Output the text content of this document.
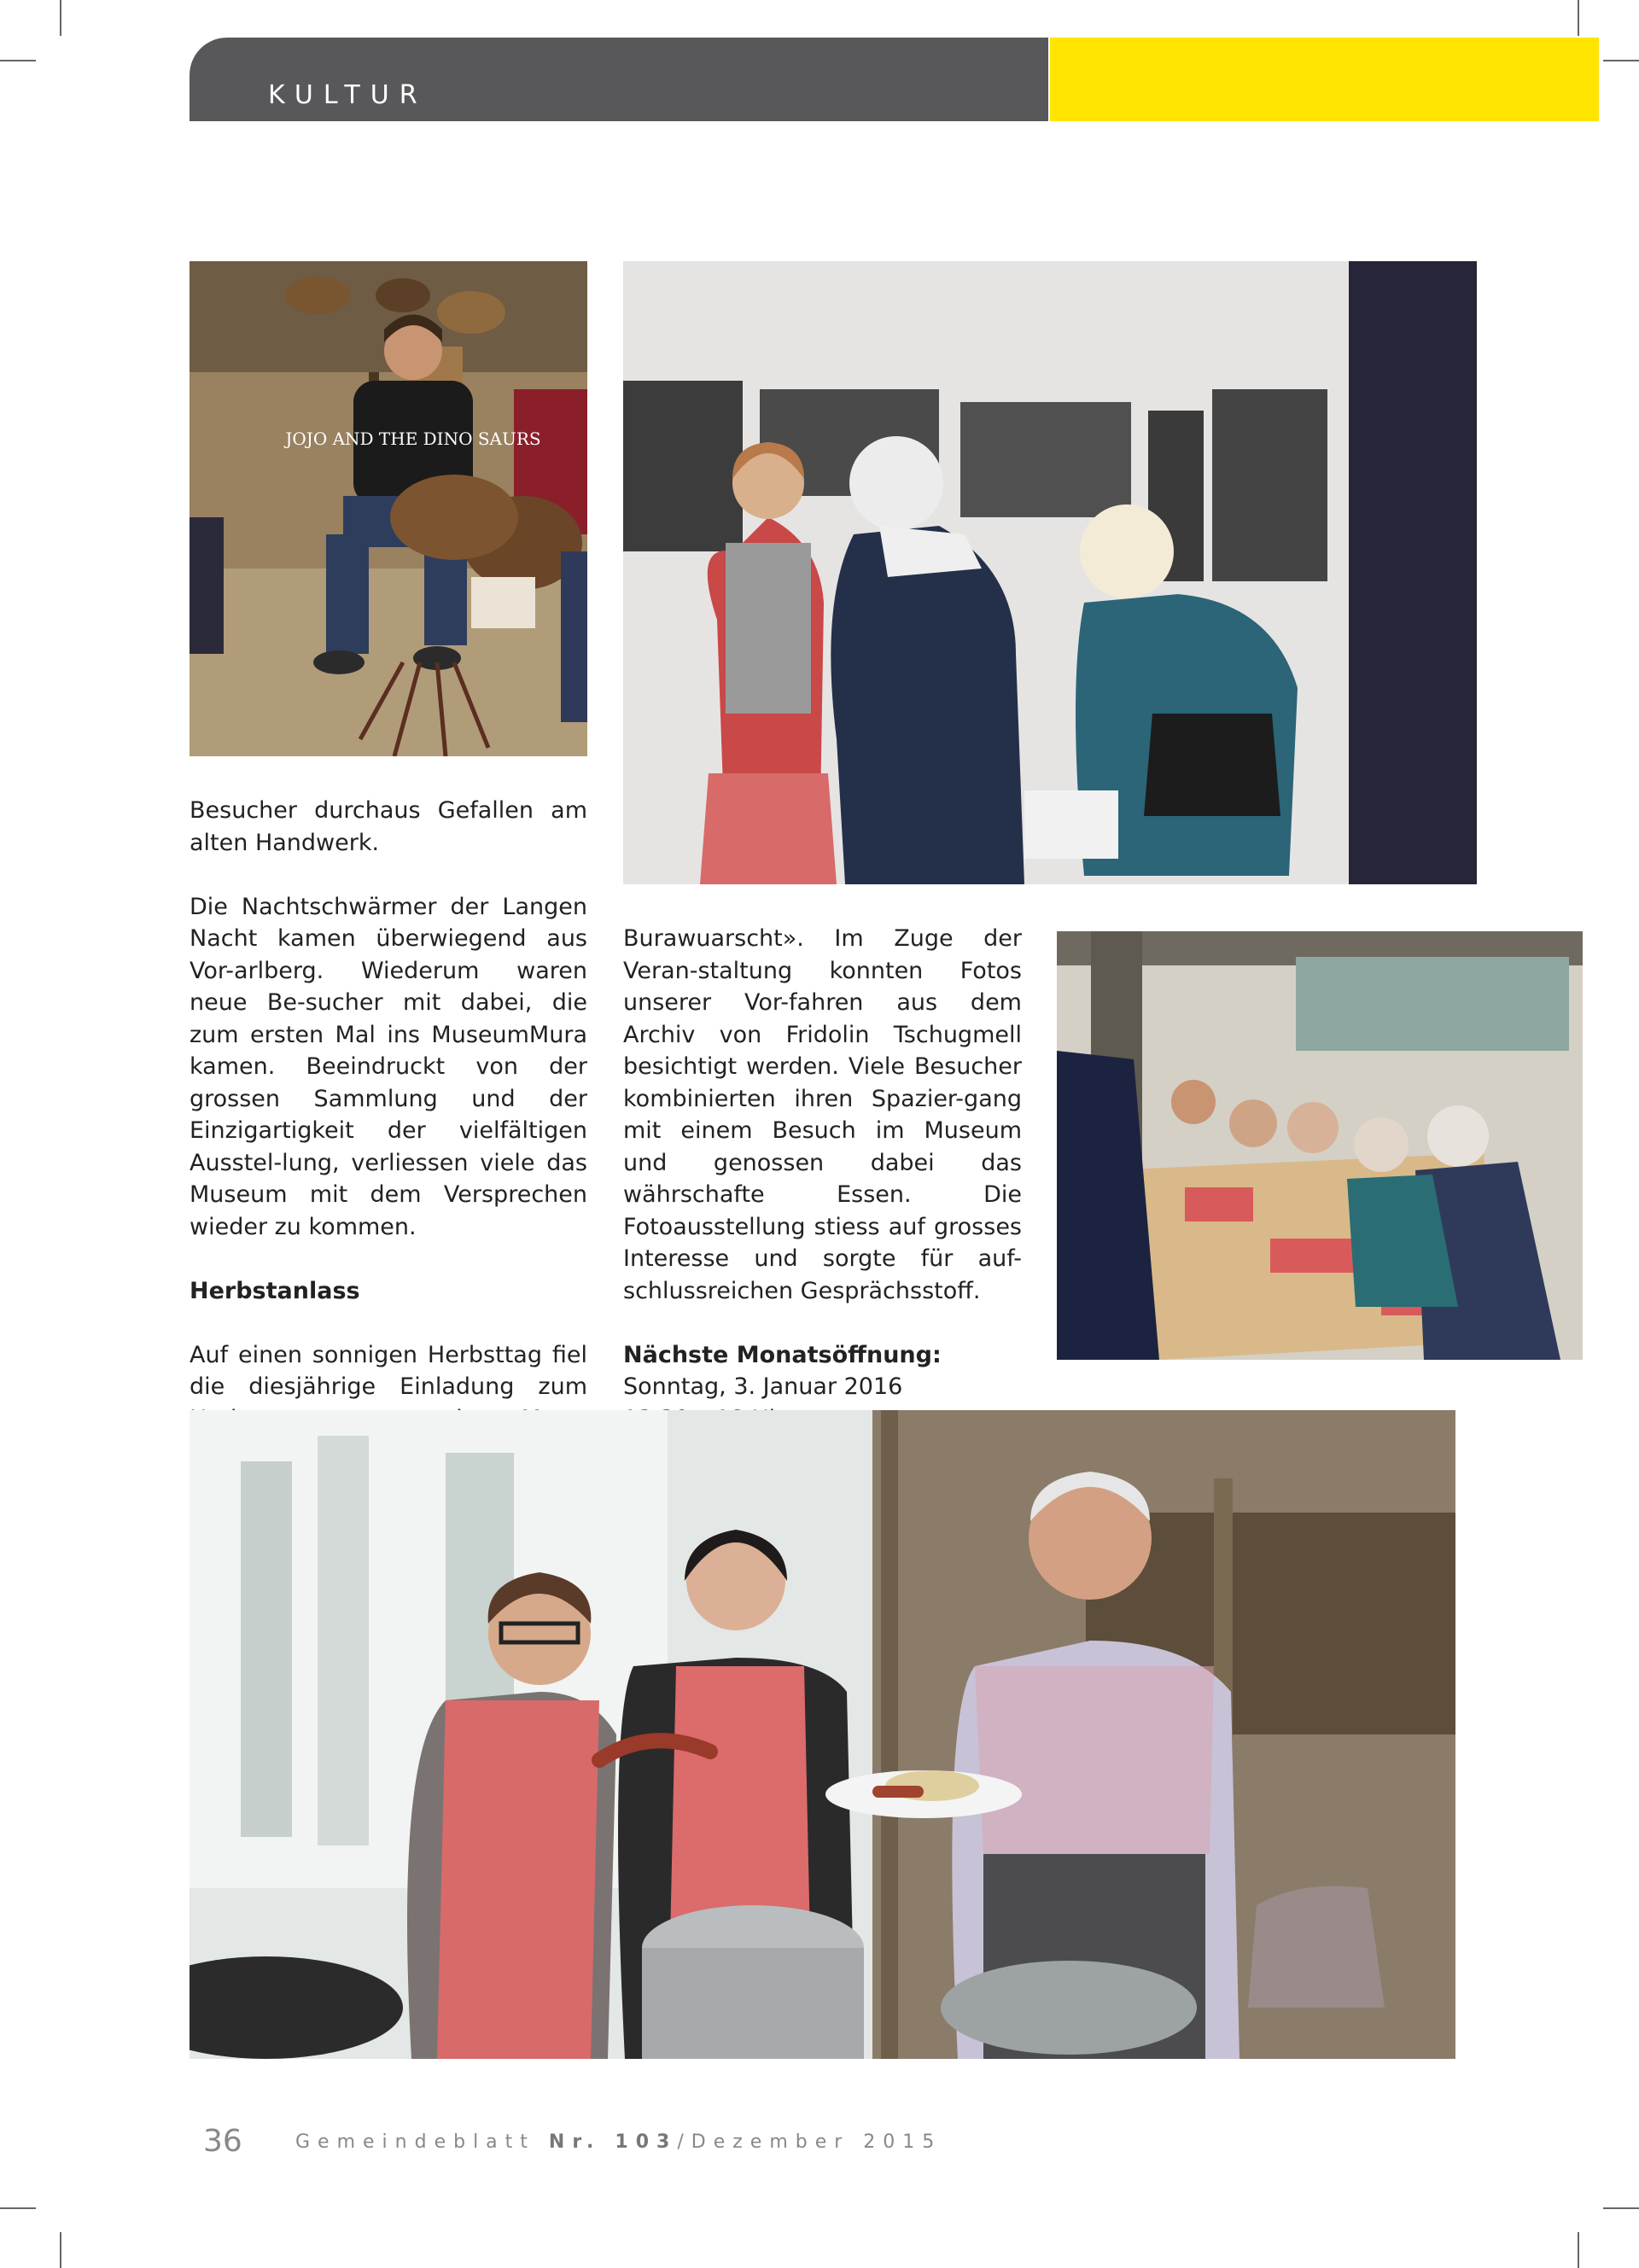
KULTUR
JOJO AND THE DINO SAURS

Besucher durchaus Gefallen am alten Handwerk.

Die Nachtschwärmer der Langen Nacht kamen überwiegend aus Vor-arlberg. Wiederum waren neue Be-sucher mit dabei, die zum ersten Mal ins MuseumMura kamen. Beeindruckt von der grossen Sammlung und der Einzigartigkeit der vielfältigen Ausstel-lung, verliessen viele das Museum mit dem Versprechen wieder zu kommen.

Herbstanlass

Auf einen sonnigen Herbsttag fiel die diesjährige Einladung zum

Burawuarscht». Im Zuge der Veran-staltung konnten Fotos unserer Vor-fahren aus dem Archiv von Fridolin Tschugmell besichtigt werden. Viele Besucher kombinierten ihren Spazier-gang mit einem Besuch im Museum und genossen dabei das währschafte Essen. Die Fotoausstellung stiess auf grosses Interesse und sorgte für auf-schlussreichen Gesprächsstoff.

Nächste Monatsöffnung:

Sonntag, 3. Januar 2016

36	Gemeindeblatt Nr. 103/Dezember 2015
